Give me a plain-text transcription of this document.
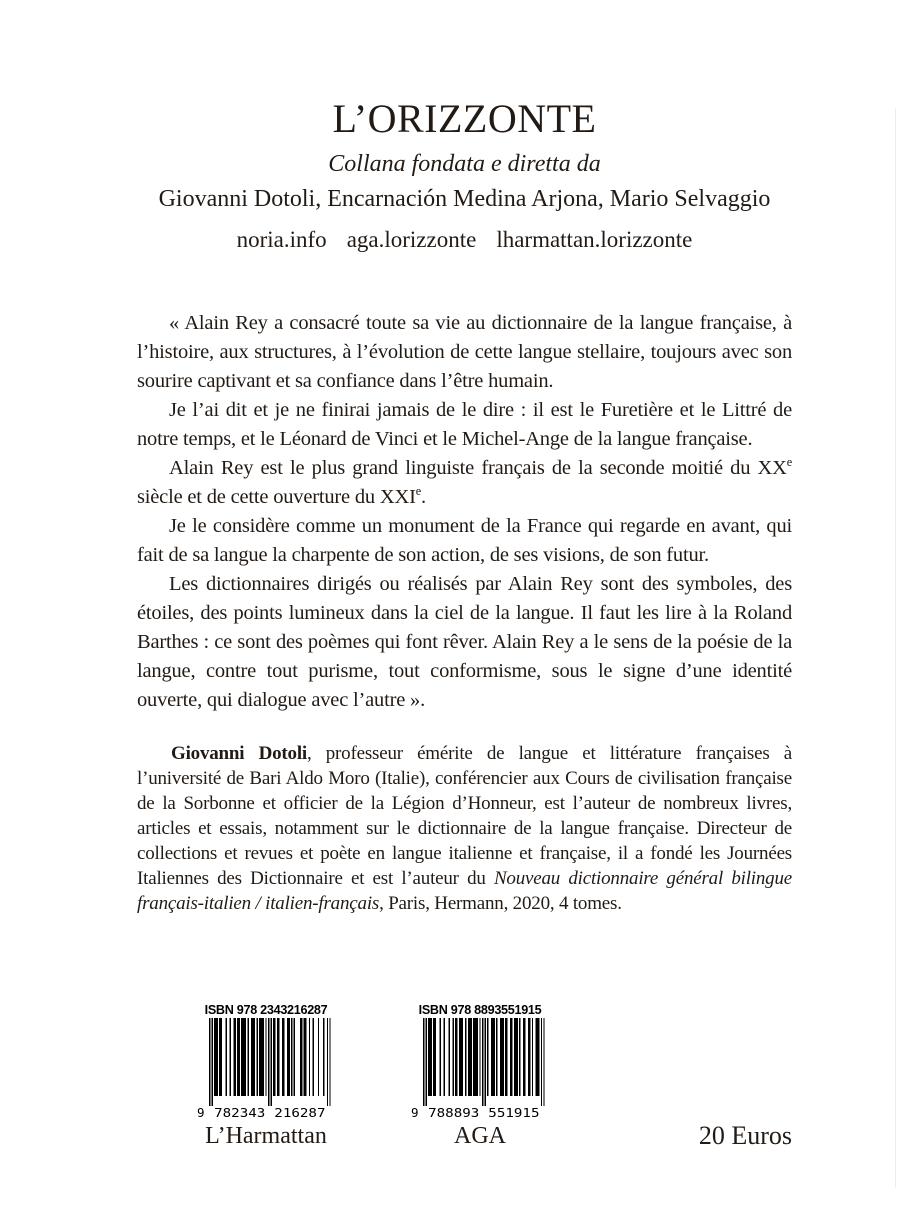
L’ORIZZONTE
Collana fondata e diretta da
Giovanni Dotoli, Encarnación Medina Arjona, Mario Selvaggio
noria.info aga.lorizzonte lharmattan.lorizzonte

« Alain Rey a consacré toute sa vie au dictionnaire de la langue française, à l’histoire, aux structures, à l’évolution de cette langue stellaire, toujours avec son sourire captivant et sa confiance dans l’être humain.

Je l’ai dit et je ne finirai jamais de le dire : il est le Furetière et le Littré de notre temps, et le Léonard de Vinci et le Michel-Ange de la langue française.

Alain Rey est le plus grand linguiste français de la seconde moitié du XXe siècle et de cette ouverture du XXIe.

Je le considère comme un monument de la France qui regarde en avant, qui fait de sa langue la charpente de son action, de ses visions, de son futur.

Les dictionnaires dirigés ou réalisés par Alain Rey sont des symboles, des étoiles, des points lumineux dans la ciel de la langue. Il faut les lire à la Roland Barthes : ce sont des poèmes qui font rêver. Alain Rey a le sens de la poésie de la langue, contre tout purisme, tout conformisme, sous le signe d’une identité ouverte, qui dialogue avec l’autre ».

Giovanni Dotoli, professeur émérite de langue et littérature françaises à l’université de Bari Aldo Moro (Italie), conférencier aux Cours de civilisation française de la Sorbonne et officier de la Légion d’Honneur, est l’auteur de nombreux livres, articles et essais, notamment sur le dictionnaire de la langue française. Directeur de collections et revues et poète en langue italienne et française, il a fondé les Journées Italiennes des Dictionnaire et est l’auteur du Nouveau dictionnaire général bilingue français-italien / italien-français, Paris, Hermann, 2020, 4 tomes.

ISBN 978 2343216287
9 782343 216287
ISBN 978 8893551915
9 788893 551915
L’Harmattan	AGA	20 Euros
